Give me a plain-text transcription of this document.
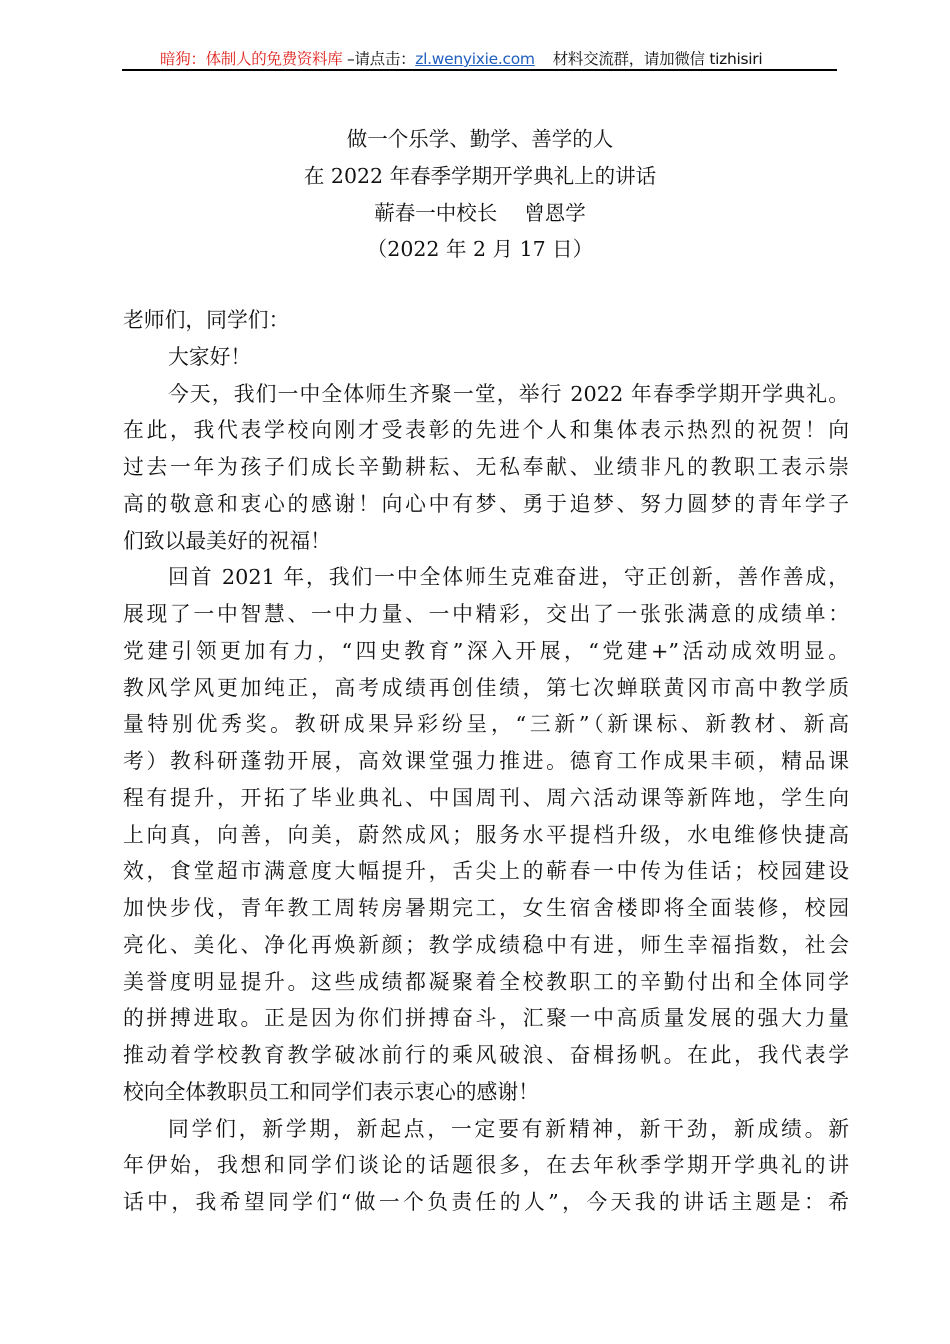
暗狗：体制人的免费资料库 –请点击：zl.wenyixie.com 材料交流群，请加微信 tizhisiri
做一个乐学、勤学、善学的人
在 2022 年春季学期开学典礼上的讲话
蕲春一中校长　 曾恩学
（2022 年 2 月 17 日）
老师们，同学们：
大家好！
今天，我们一中全体师生齐聚一堂，举行 2022 年春季学期开学典礼。
在此，我代表学校向刚才受表彰的先进个人和集体表示热烈的祝贺！向
过去一年为孩子们成长辛勤耕耘、无私奉献、业绩非凡的教职工表示崇
高的敬意和衷心的感谢！向心中有梦、勇于追梦、努力圆梦的青年学子
们致以最美好的祝福！
回首 2021 年，我们一中全体师生克难奋进，守正创新，善作善成，
展现了一中智慧、一中力量、一中精彩，交出了一张张满意的成绩单：
党建引领更加有力，“四史教育”深入开展，“党建+”活动成效明显。
教风学风更加纯正，高考成绩再创佳绩，第七次蝉联黄冈市高中教学质
量特别优秀奖。教研成果异彩纷呈，“三新”（新课标、新教材、新高
考）教科研蓬勃开展，高效课堂强力推进。德育工作成果丰硕，精品课
程有提升，开拓了毕业典礼、中国周刊、周六活动课等新阵地，学生向
上向真，向善，向美，蔚然成风；服务水平提档升级，水电维修快捷高
效，食堂超市满意度大幅提升，舌尖上的蕲春一中传为佳话；校园建设
加快步伐，青年教工周转房暑期完工，女生宿舍楼即将全面装修，校园
亮化、美化、净化再焕新颜；教学成绩稳中有进，师生幸福指数，社会
美誉度明显提升。这些成绩都凝聚着全校教职工的辛勤付出和全体同学
的拼搏进取。正是因为你们拼搏奋斗，汇聚一中高质量发展的强大力量
推动着学校教育教学破冰前行的乘风破浪、奋楫扬帆。在此，我代表学
校向全体教职员工和同学们表示衷心的感谢！
同学们，新学期，新起点，一定要有新精神，新干劲，新成绩。新
年伊始，我想和同学们谈论的话题很多，在去年秋季学期开学典礼的讲
话中，我希望同学们“做一个负责任的人”，今天我的讲话主题是：希
